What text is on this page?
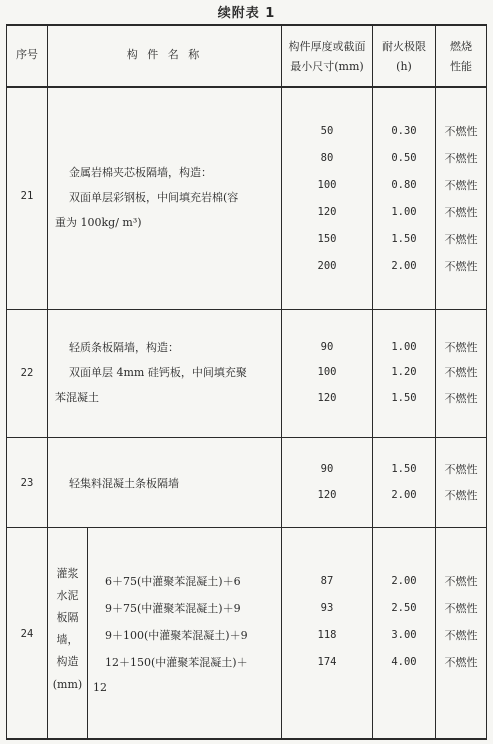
续附表 1
序号	构 件 名 称
构件厚度或截面
最小尺寸(mm)
耐火极限
(h)
燃烧
性能
21
金属岩棉夹芯板隔墙，构造：
双面单层彩钢板，中间填充岩棉(容
重为 100kg/ m³)
50
80
100
120
150
200
0.30
0.50
0.80
1.00
1.50
2.00
不燃性
不燃性
不燃性
不燃性
不燃性
不燃性
22
轻质条板隔墙，构造：
双面单层 4mm 硅钙板，中间填充聚
苯混凝土
90
100
120
1.00
1.20
1.50
不燃性
不燃性
不燃性
23	轻集料混凝土条板隔墙
90
120
1.50
2.00
不燃性
不燃性
24
灌浆
水泥
板隔
墙，
构造
(mm)
6＋75(中灌聚苯混凝土)＋6
9＋75(中灌聚苯混凝土)＋9
9＋100(中灌聚苯混凝土)＋9
12＋150(中灌聚苯混凝土)＋
12
87
93
118
174
2.00
2.50
3.00
4.00
不燃性
不燃性
不燃性
不燃性
